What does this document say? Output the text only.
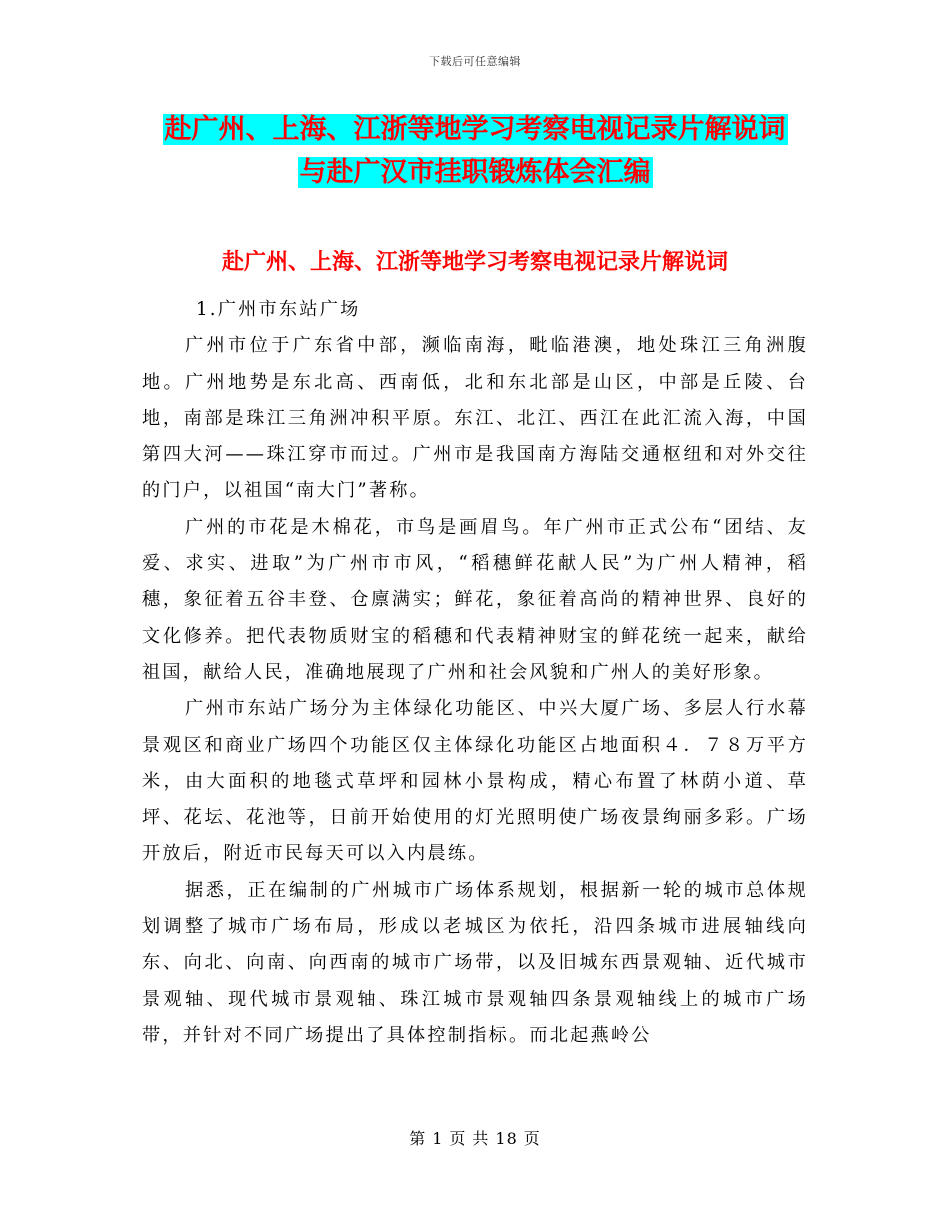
下载后可任意编辑
赴广州、上海、江浙等地学习考察电视记录片解说词
与赴广汉市挂职锻炼体会汇编
赴广州、上海、江浙等地学习考察电视记录片解说词

1.广州市东站广场

广州市位于广东省中部，濒临南海，毗临港澳，地处珠江三角洲腹地。广州地势是东北高、西南低，北和东北部是山区，中部是丘陵、台地，南部是珠江三角洲冲积平原。东江、北江、西江在此汇流入海，中国第四大河——珠江穿市而过。广州市是我国南方海陆交通枢纽和对外交往的门户，以祖国“南大门”著称。

广州的市花是木棉花，市鸟是画眉鸟。年广州市正式公布“团结、友爱、求实、进取”为广州市市风，“稻穗鲜花献人民”为广州人精神，稻穗，象征着五谷丰登、仓廪满实；鲜花，象征着高尚的精神世界、良好的文化修养。把代表物质财宝的稻穗和代表精神财宝的鲜花统一起来，献给祖国，献给人民，准确地展现了广州和社会风貌和广州人的美好形象。

广州市东站广场分为主体绿化功能区、中兴大厦广场、多层人行水幕景观区和商业广场四个功能区仅主体绿化功能区占地面积４．７８万平方米，由大面积的地毯式草坪和园林小景构成，精心布置了林荫小道、草坪、花坛、花池等，日前开始使用的灯光照明使广场夜景绚丽多彩。广场开放后，附近市民每天可以入内晨练。

据悉，正在编制的广州城市广场体系规划，根据新一轮的城市总体规划调整了城市广场布局，形成以老城区为依托，沿四条城市进展轴线向东、向北、向南、向西南的城市广场带，以及旧城东西景观轴、近代城市景观轴、现代城市景观轴、珠江城市景观轴四条景观轴线上的城市广场带，并针对不同广场提出了具体控制指标。而北起燕岭公

第 1 页 共 18 页
